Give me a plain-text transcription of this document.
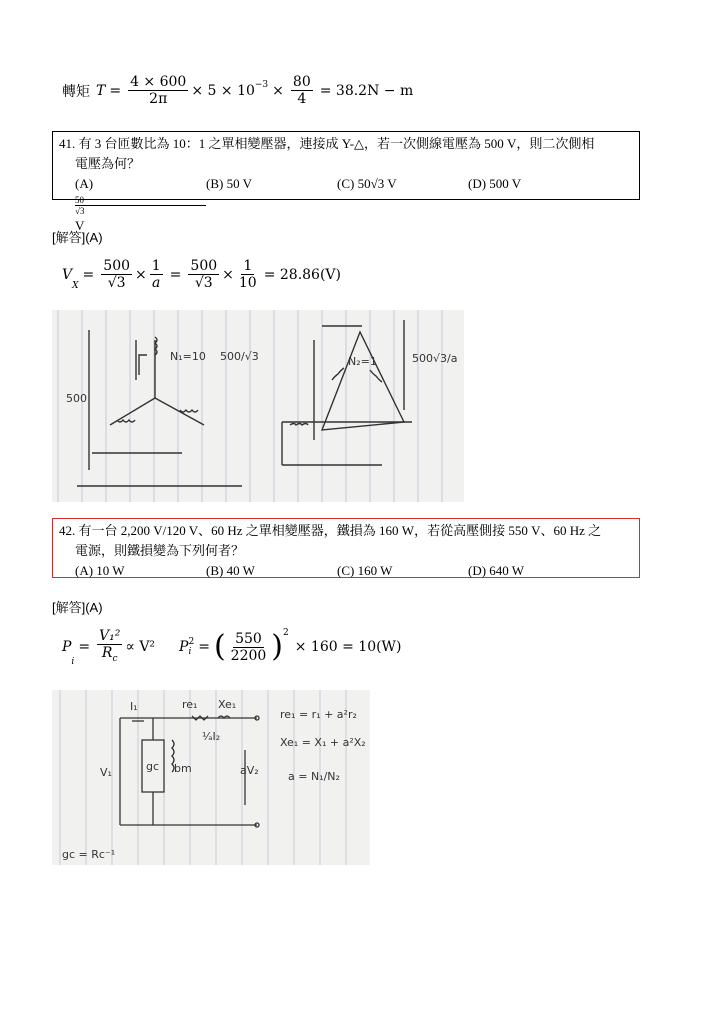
轉矩 $T = \frac{4 \times 600}{2\pi} \times 5 \times 10^{-3} \times \frac{80}{4} = 38.2N - m$
41. 有 3 台匝數比為 10：1 之單相變壓器，連接成 Y-△，若一次側線電壓為 500 V，則二次側相
電壓為何？
$(A) \frac{50}{√3}$ V
(B) 50 V	(C) 50√3 V	(D) 500 V
[解答](A)
V
$_X$
= $\frac{500}{√3} \times \frac{1}{a} = \frac{500}{√3} \times \frac{1}{10} = 28.86(V)$
N₁=10
500
500/√3	N₂=1	500√3/a
42. 有一台 2,200 V/120 V、60 Hz 之單相變壓器，鐵損為 160 W，若從高壓側接 550 V、60 Hz 之
電源，則鐵損變為下列何者？
(A) 10 W	(B) 40 W	(C) 160 W	(D) 640 W
[解答](A)
P
i
= $\frac{\text{V₁²}}{R_c} \propto V^2$ P 2
i = ( $\frac{550}{2200} )^2$
× 160 = 10(W)
I₁	re₁ Xe₁
¹⁄ₐI₂
V₁	gc bm	aV₂
re₁ = r₁ + a²r₂
Xe₁ = X₁ + a²X₂
a = N₁/N₂
gc = Rc⁻¹
